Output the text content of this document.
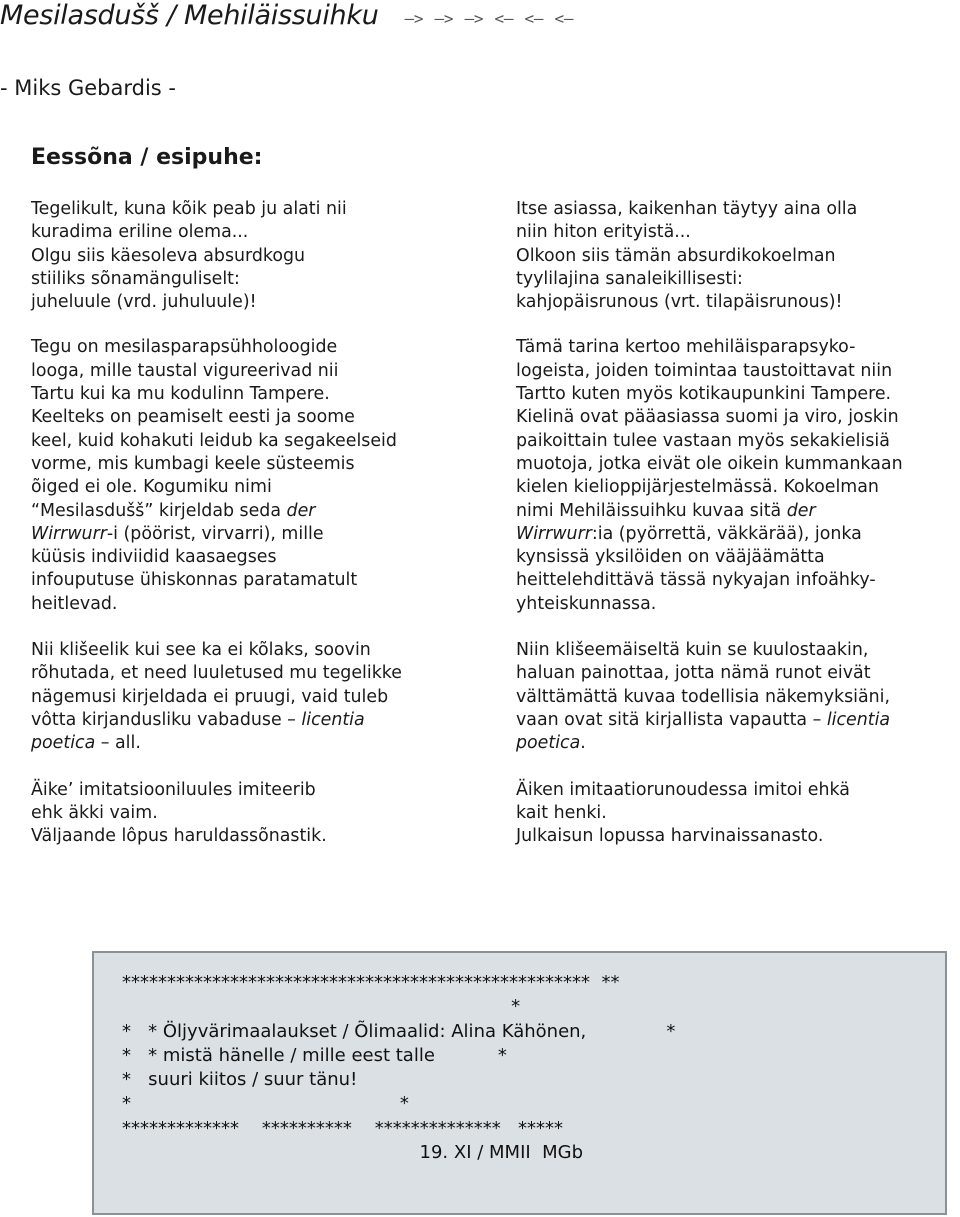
Mesilasdušš / Mehiläissuihku –> –> –> <– <– <–
- Miks Gebardis -
Eessõna / esipuhe:
Tegelikult, kuna kõik peab ju alati nii
kuradima eriline olema...
Olgu siis käesoleva absurdkogu
stiiliks sõnamänguliselt:
juheluule (vrd. juhuluule)!
Tegu on mesilasparapsühholoogide
looga, mille taustal vigureerivad nii
Tartu kui ka mu kodulinn Tampere.
Keelteks on peamiselt eesti ja soome
keel, kuid kohakuti leidub ka segakeelseid
vorme, mis kumbagi keele süsteemis
õiged ei ole. Kogumiku nimi
“Mesilasdušš” kirjeldab seda der
Wirrwurr-i (pöörist, virvarri), mille
küüsis indiviidid kaasaegses
infouputuse ühiskonnas paratamatult
heitlevad.
Nii klišeelik kui see ka ei kõlaks, soovin
rõhutada, et need luuletused mu tegelikke
nägemusi kirjeldada ei pruugi, vaid tuleb
vôtta kirjandusliku vabaduse – licentia
poetica – all.
Äike’ imitatsiooniluules imiteerib
ehk äkki vaim.
Väljaande lôpus haruldassõnastik.
Itse asiassa, kaikenhan täytyy aina olla
niin hiton erityistä...
Olkoon siis tämän absurdikokoelman
tyylilajina sanaleikillisesti:
kahjopäisrunous (vrt. tilapäisrunous)!
Tämä tarina kertoo mehiläisparapsyko-
logeista, joiden toimintaa taustoittavat niin
Tartto kuten myös kotikaupunkini Tampere.
Kielinä ovat pääasiassa suomi ja viro, joskin
paikoittain tulee vastaan myös sekakielisiä
muotoja, jotka eivät ole oikein kummankaan
kielen kielioppijärjestelmässä. Kokoelman
nimi Mehiläissuihku kuvaa sitä der
Wirrwurr:ia (pyörrettä, väkkärää), jonka
kynsissä yksilöiden on vääjäämätta
heittelehdittävä tässä nykyajan infoähky-
yhteiskunnassa.
Niin klišeemäiseltä kuin se kuulostaakin,
haluan painottaa, jotta nämä runot eivät
välttämättä kuvaa todellisia näkemyksiäni,
vaan ovat sitä kirjallista vapautta – licentia
poetica.
Äiken imitaatiorunoudessa imitoi ehkä
kait henki.
Julkaisun lopussa harvinaissanasto.
****************************************************  **
*
*   * Öljyvärimaalaukset / Õlimaalid: Alina Kähönen,              *
*   * mistä hänelle / mille eest talle           *
*   suuri kiitos / suur tänu!
*                                               *
*************    **********    **************   *****
19. XI / MMII  MGb
